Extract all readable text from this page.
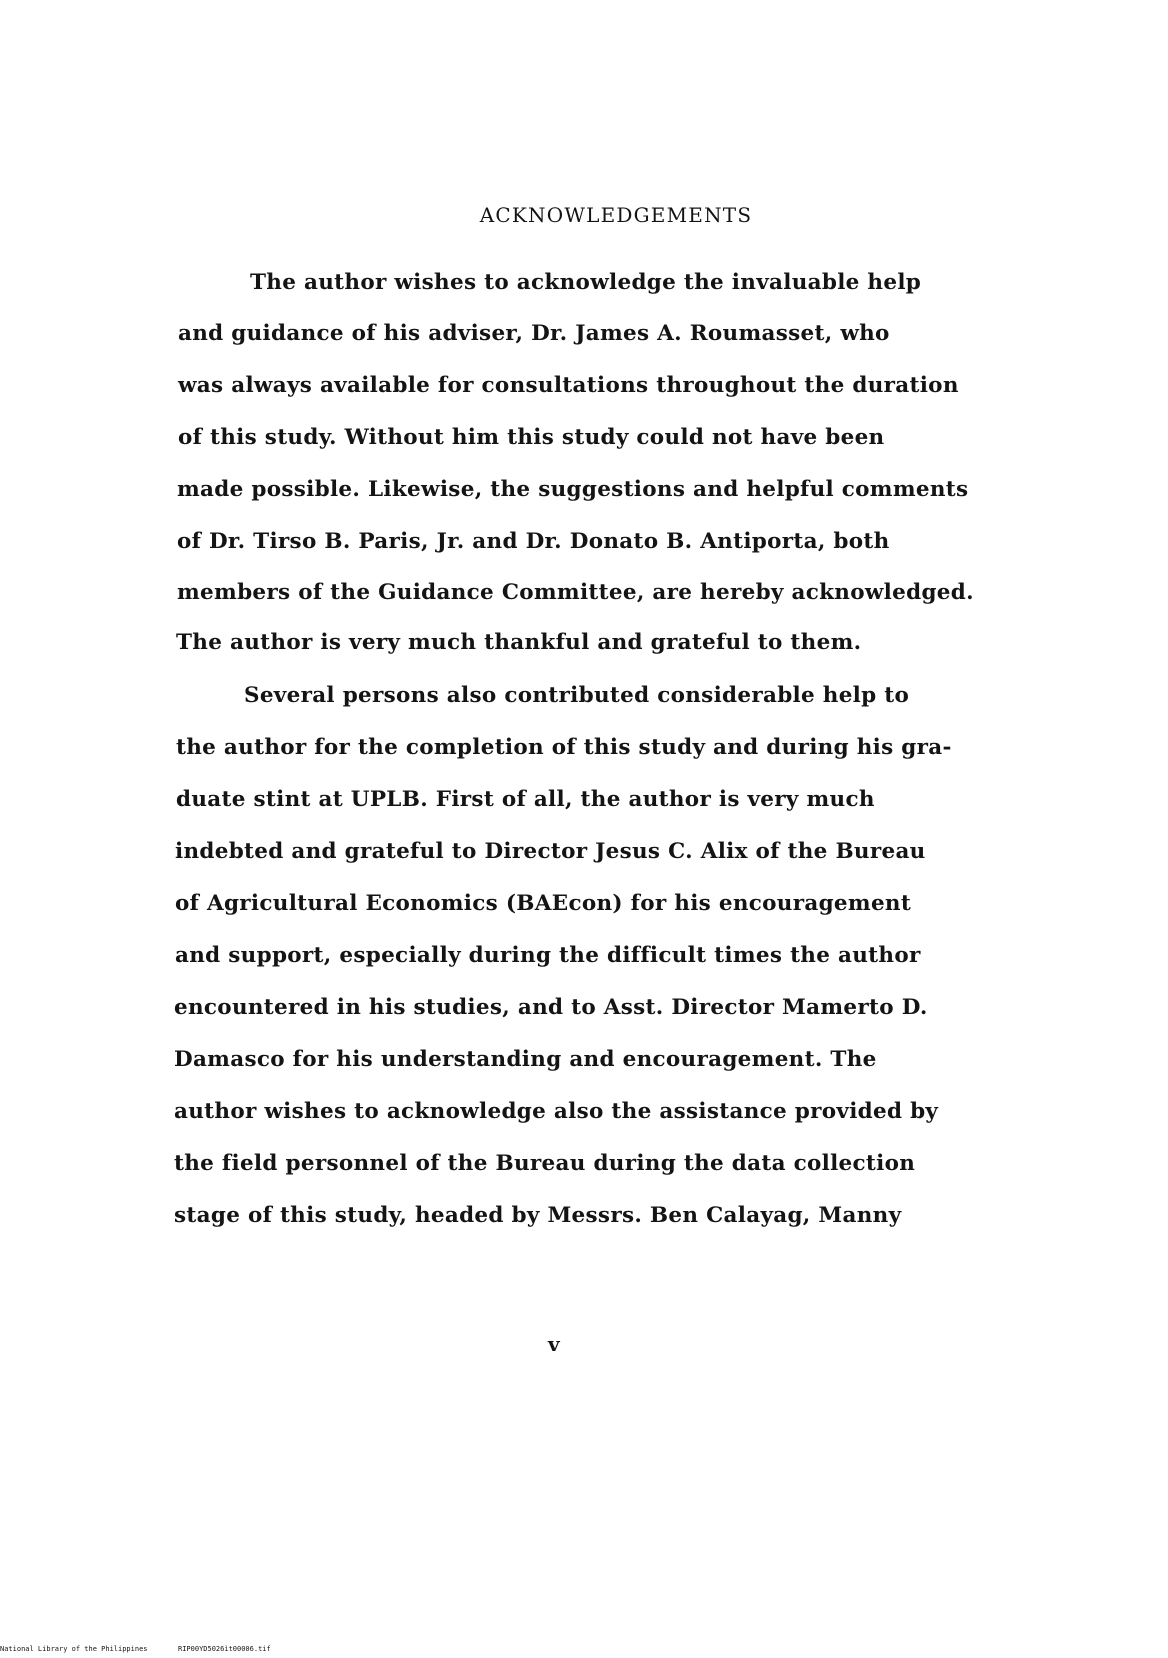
ACKNOWLEDGEMENTS
The author wishes to acknowledge the invaluable help
and guidance of his adviser, Dr. James A. Roumasset, who
was always available for consultations throughout the duration
of this study. Without him this study could not have been
made possible. Likewise, the suggestions and helpful comments
of Dr. Tirso B. Paris, Jr. and Dr. Donato B. Antiporta, both
members of the Guidance Committee, are hereby acknowledged.
The author is very much thankful and grateful to them.
Several persons also contributed considerable help to
the author for the completion of this study and during his gra-
duate stint at UPLB. First of all, the author is very much
indebted and grateful to Director Jesus C. Alix of the Bureau
of Agricultural Economics (BAEcon) for his encouragement
and support, especially during the difficult times the author
encountered in his studies, and to Asst. Director Mamerto D.
Damasco for his understanding and encouragement. The
author wishes to acknowledge also the assistance provided by
the field personnel of the Bureau during the data collection
stage of this study, headed by Messrs. Ben Calayag, Manny
v
National Library of the Philippines	RIP00YD5026ìt00006.tif
